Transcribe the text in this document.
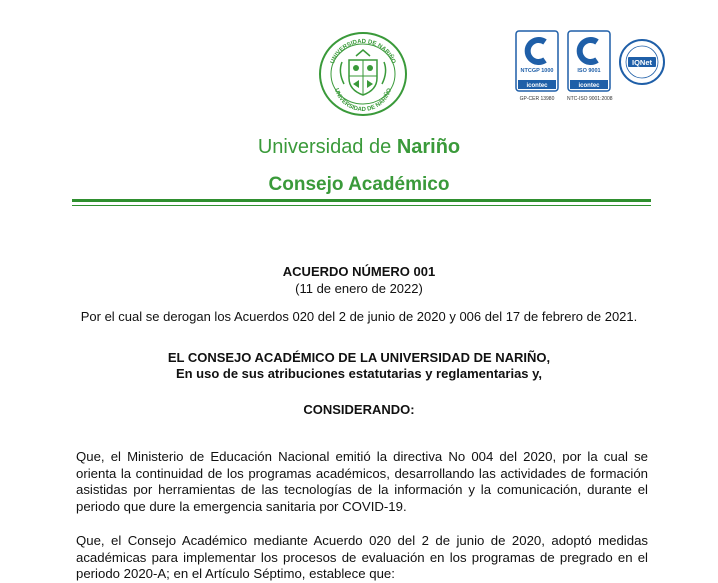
UNIVERSIDAD DE NARIÑO
UNIVERSIDAD DE NARIÑO
NTCGP 1000
icontec
GP-CER 13980
ISO 9001
icontec
NTC-ISO 9001:2008
IQNet
Universidad de Nariño
Consejo Académico
ACUERDO NÚMERO 001
(11 de enero de 2022)
Por el cual se derogan los Acuerdos 020 del 2 de junio de 2020 y 006 del 17 de febrero de 2021.
EL CONSEJO ACADÉMICO DE LA UNIVERSIDAD DE NARIÑO,
En uso de sus atribuciones estatutarias y reglamentarias y,
CONSIDERANDO:
Que, el Ministerio de Educación Nacional emitió la directiva No 004 del 2020, por la cual se orienta la continuidad de los programas académicos, desarrollando las actividades de formación asistidas por herramientas de las tecnologías de la información y la comunicación, durante el periodo que dure la emergencia sanitaria por COVID-19.
Que, el Consejo Académico mediante Acuerdo 020 del 2 de junio de 2020, adoptó medidas académicas para implementar los procesos de evaluación en los programas de pregrado en el periodo 2020-A; en el Artículo Séptimo, establece que:
